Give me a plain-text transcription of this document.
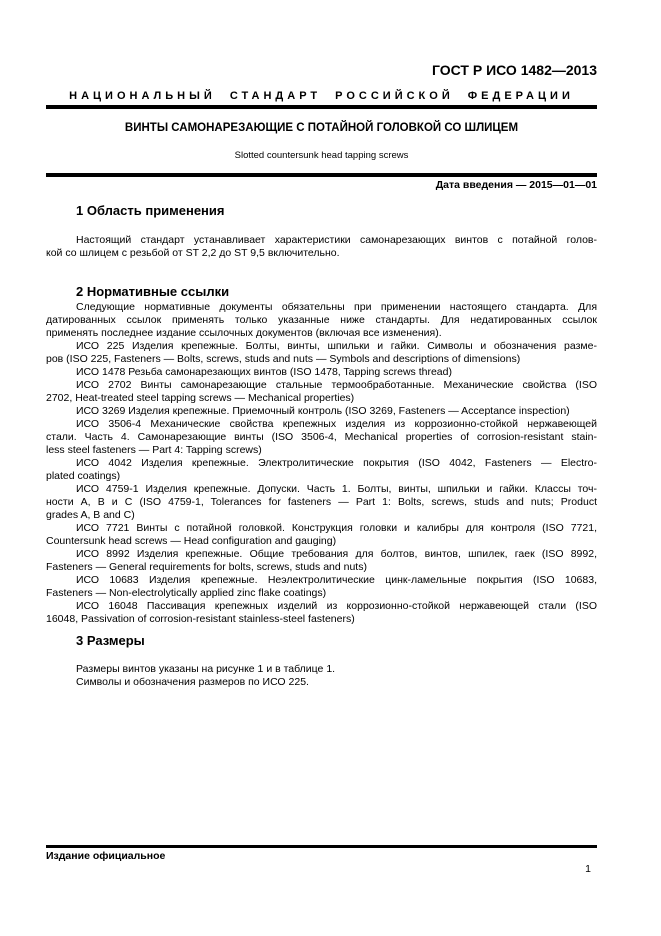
ГОСТ Р ИСО 1482—2013
НАЦИОНАЛЬНЫЙ СТАНДАРТ РОССИЙСКОЙ ФЕДЕРАЦИИ
ВИНТЫ САМОНАРЕЗАЮЩИЕ С ПОТАЙНОЙ ГОЛОВКОЙ СО ШЛИЦЕМ
Slotted countersunk head tapping screws
Дата введения — 2015—01—01
1 Область применения
Настоящий стандарт устанавливает характеристики самонарезающих винтов с потайной голов-
кой со шлицем с резьбой от ST 2,2 до ST 9,5 включительно.
2 Нормативные ссылки
Следующие нормативные документы обязательны при применении настоящего стандарта. Для
датированных ссылок применять только указанные ниже стандарты. Для недатированных ссылок
применять последнее издание ссылочных документов (включая все изменения).
ИСО 225 Изделия крепежные. Болты, винты, шпильки и гайки. Символы и обозначения разме-
ров (ISO 225, Fasteners — Bolts, screws, studs and nuts — Symbols and descriptions of dimensions)
ИСО 1478 Резьба самонарезающих винтов (ISO 1478, Tapping screws thread)
ИСО 2702 Винты самонарезающие стальные термообработанные. Механические свойства (ISO
2702, Heat-treated steel tapping screws — Mechanical properties)
ИСО 3269 Изделия крепежные. Приемочный контроль (ISO 3269, Fasteners — Acceptance inspection)
ИСО 3506-4 Механические свойства крепежных изделия из коррозионно-стойкой нержавеющей
стали. Часть 4. Самонарезающие винты (ISO 3506-4, Mechanical properties of corrosion-resistant stain-
less steel fasteners — Part 4: Tapping screws)
ИСО 4042 Изделия крепежные. Электролитические покрытия (ISO 4042, Fasteners — Electro-
plated coatings)
ИСО 4759-1 Изделия крепежные. Допуски. Часть 1. Болты, винты, шпильки и гайки. Классы точ-
ности A, B и C (ISO 4759-1, Tolerances for fasteners — Part 1: Bolts, screws, studs and nuts; Product
grades A, B and C)
ИСО 7721 Винты с потайной головкой. Конструкция головки и калибры для контроля (ISO 7721,
Countersunk head screws — Head configuration and gauging)
ИСО 8992 Изделия крепежные. Общие требования для болтов, винтов, шпилек, гаек (ISO 8992,
Fasteners — General requirements for bolts, screws, studs and nuts)
ИСО 10683 Изделия крепежные. Неэлектролитические цинк-ламельные покрытия (ISO 10683,
Fasteners — Non-electrolytically applied zinc flake coatings)
ИСО 16048 Пассивация крепежных изделий из коррозионно-стойкой нержавеющей стали (ISO
16048, Passivation of corrosion-resistant stainless-steel fasteners)
3 Размеры
Размеры винтов указаны на рисунке 1 и в таблице 1.
Символы и обозначения размеров по ИСО 225.
Издание официальное
1
